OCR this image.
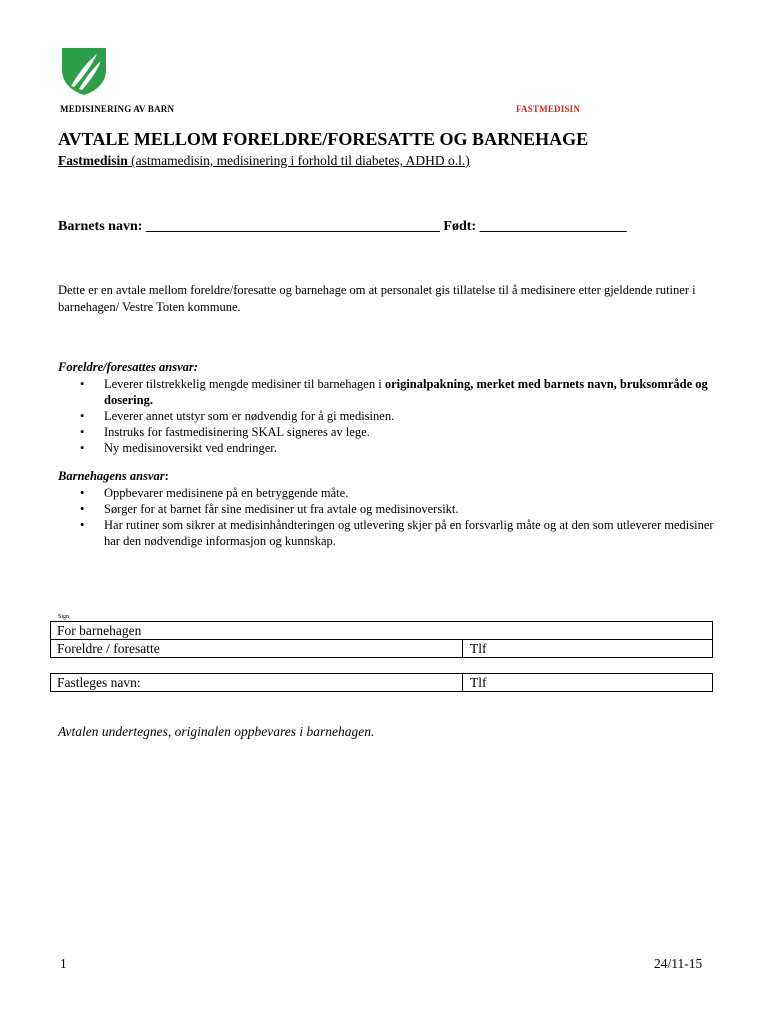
MEDISINERING AV BARN	FASTMEDISIN
AVTALE MELLOM FORELDRE/FORESATTE OG BARNEHAGE
Fastmedisin (astmamedisin, medisinering i forhold til diabetes, ADHD o.l.)
Barnets navn: __________________________________________ Født: _____________________
Dette er en avtale mellom foreldre/foresatte og barnehage om at personalet gis tillatelse til å medisinere etter gjeldende rutiner i barnehagen/ Vestre Toten kommune.
Foreldre/foresattes ansvar:
• Leverer tilstrekkelig mengde medisiner til barnehagen i originalpakning, merket med barnets navn, bruksområde og dosering.
• Leverer annet utstyr som er nødvendig for å gi medisinen.
• Instruks for fastmedisinering SKAL signeres av lege.
• Ny medisinoversikt ved endringer.
Barnehagens ansvar:
• Oppbevarer medisinene på en betryggende måte.
• Sørger for at barnet får sine medisiner ut fra avtale og medisinoversikt.
• Har rutiner som sikrer at medisinhåndteringen og utlevering skjer på en forsvarlig måte og at den som utleverer medisiner har den nødvendige informasjon og kunnskap.
Sign
For barnehagen
Foreldre / foresatte	Tlf
Fastleges navn:	Tlf
Avtalen undertegnes, originalen oppbevares i barnehagen.
1	24/11-15
